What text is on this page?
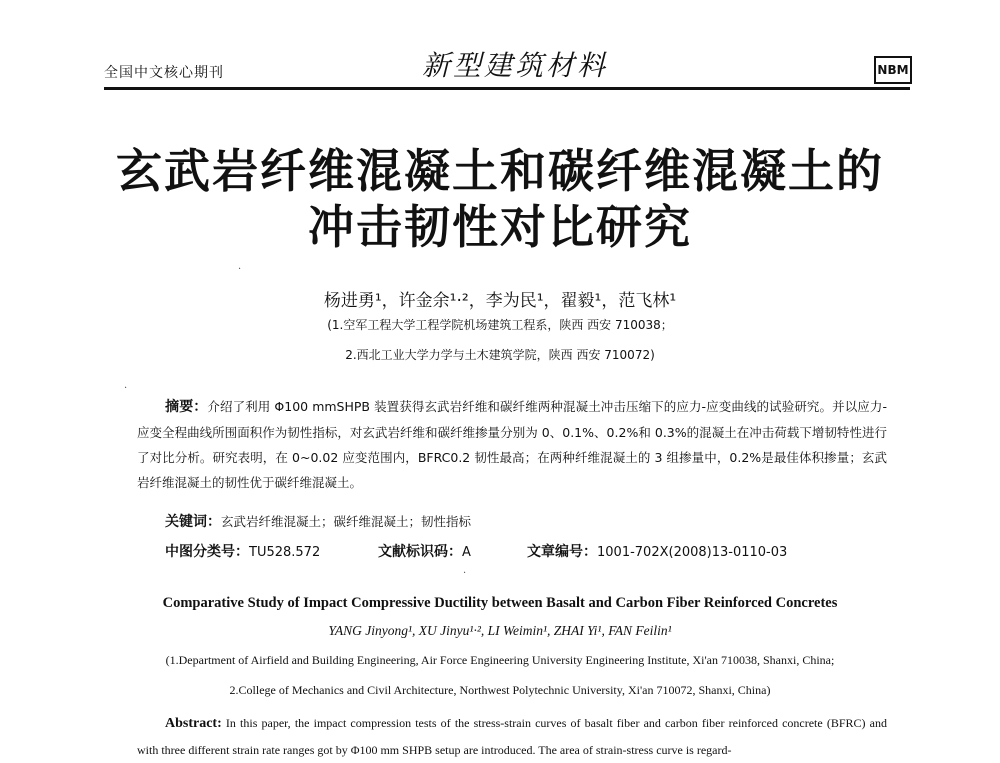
全国中文核心期刊	新型建筑材料	NBM
玄武岩纤维混凝土和碳纤维混凝土的
冲击韧性对比研究
杨进勇¹，许金余¹·²，李为民¹，翟毅¹，范飞林¹
(1.空军工程大学工程学院机场建筑工程系，陕西 西安 710038；
2.西北工业大学力学与土木建筑学院，陕西 西安 710072)
摘要：介绍了利用 Φ100 mmSHPB 装置获得玄武岩纤维和碳纤维两种混凝土冲击压缩下的应力-应变曲线的试验研究。并以应力-应变全程曲线所围面积作为韧性指标，对玄武岩纤维和碳纤维掺量分别为 0、0.1%、0.2%和 0.3%的混凝土在冲击荷载下增韧特性进行了对比分析。研究表明，在 0~0.02 应变范围内，BFRC0.2 韧性最高；在两种纤维混凝土的 3 组掺量中，0.2%是最佳体积掺量；玄武岩纤维混凝土的韧性优于碳纤维混凝土。
关键词：玄武岩纤维混凝土；碳纤维混凝土；韧性指标
中图分类号：TU528.572	文献标识码：A	文章编号：1001-702X(2008)13-0110-03
Comparative Study of Impact Compressive Ductility between Basalt and Carbon Fiber Reinforced Concretes
YANG Jinyong¹, XU Jinyu¹·², LI Weimin¹, ZHAI Yi¹, FAN Feilin¹
(1.Department of Airfield and Building Engineering, Air Force Engineering University Engineering Institute, Xi'an 710038, Shanxi, China;
2.College of Mechanics and Civil Architecture, Northwest Polytechnic University, Xi'an 710072, Shanxi, China)
Abstract: In this paper, the impact compression tests of the stress-strain curves of basalt fiber and carbon fiber reinforced concrete (BFRC) and with three different strain rate ranges got by Φ100 mm SHPB setup are introduced. The area of strain-stress curve is regard-
·
·
·
